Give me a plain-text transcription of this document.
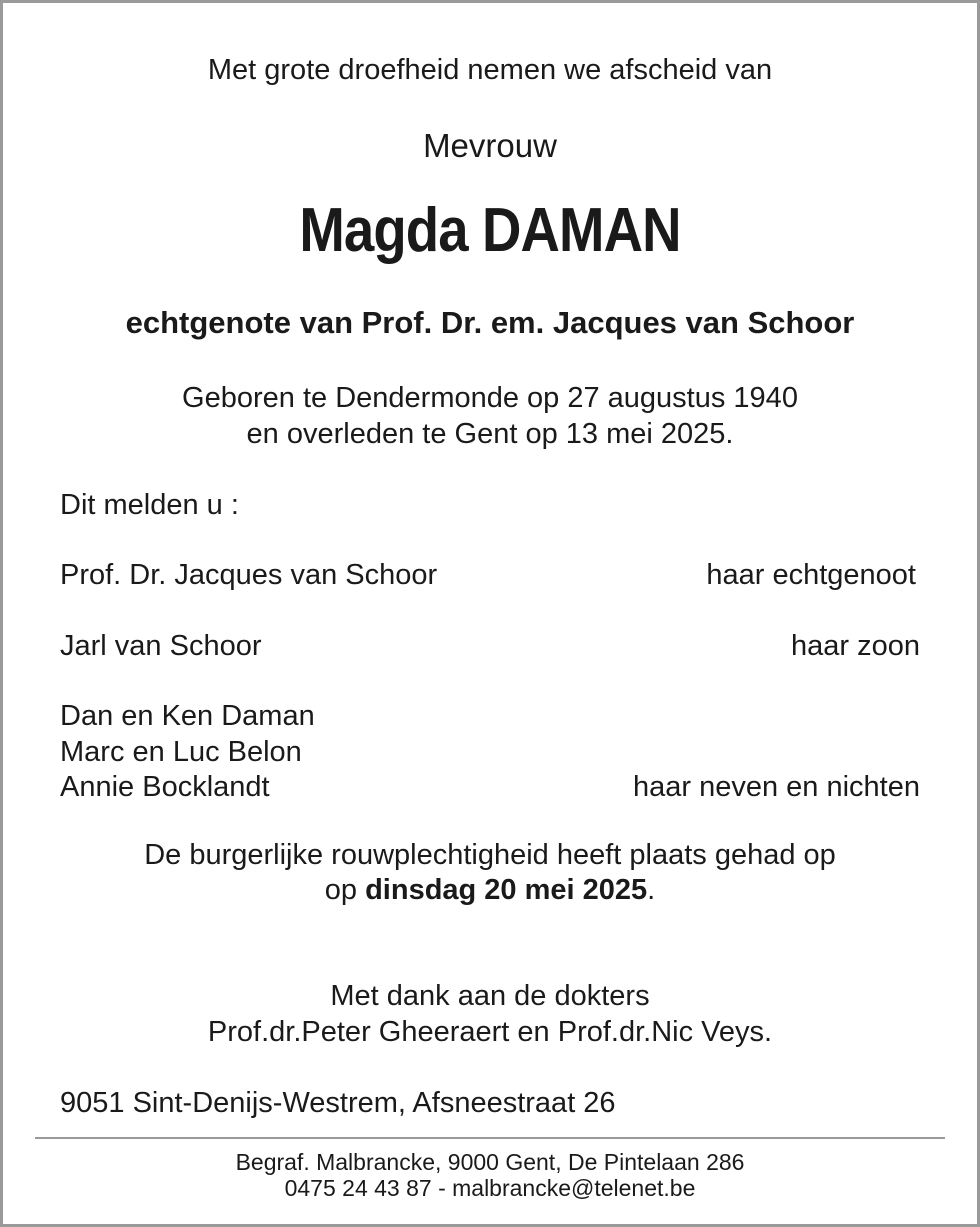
Met grote droefheid nemen we afscheid van
Mevrouw
Magda DAMAN
echtgenote van Prof. Dr. em. Jacques van Schoor
Geboren te Dendermonde op 27 augustus 1940
en overleden te Gent op 13 mei 2025.
Dit melden u :
Prof. Dr. Jacques van Schoor	haar echtgenoot
Jarl van Schoor	haar zoon
Dan en Ken Daman
Marc en Luc Belon
Annie Bocklandt	haar neven en nichten
De burgerlijke rouwplechtigheid heeft plaats gehad op
op dinsdag 20 mei 2025.
Met dank aan de dokters
Prof.dr.Peter Gheeraert en Prof.dr.Nic Veys.
9051 Sint-Denijs-Westrem, Afsneestraat 26
Begraf. Malbrancke, 9000 Gent, De Pintelaan 286
0475 24 43 87 - malbrancke@telenet.be
